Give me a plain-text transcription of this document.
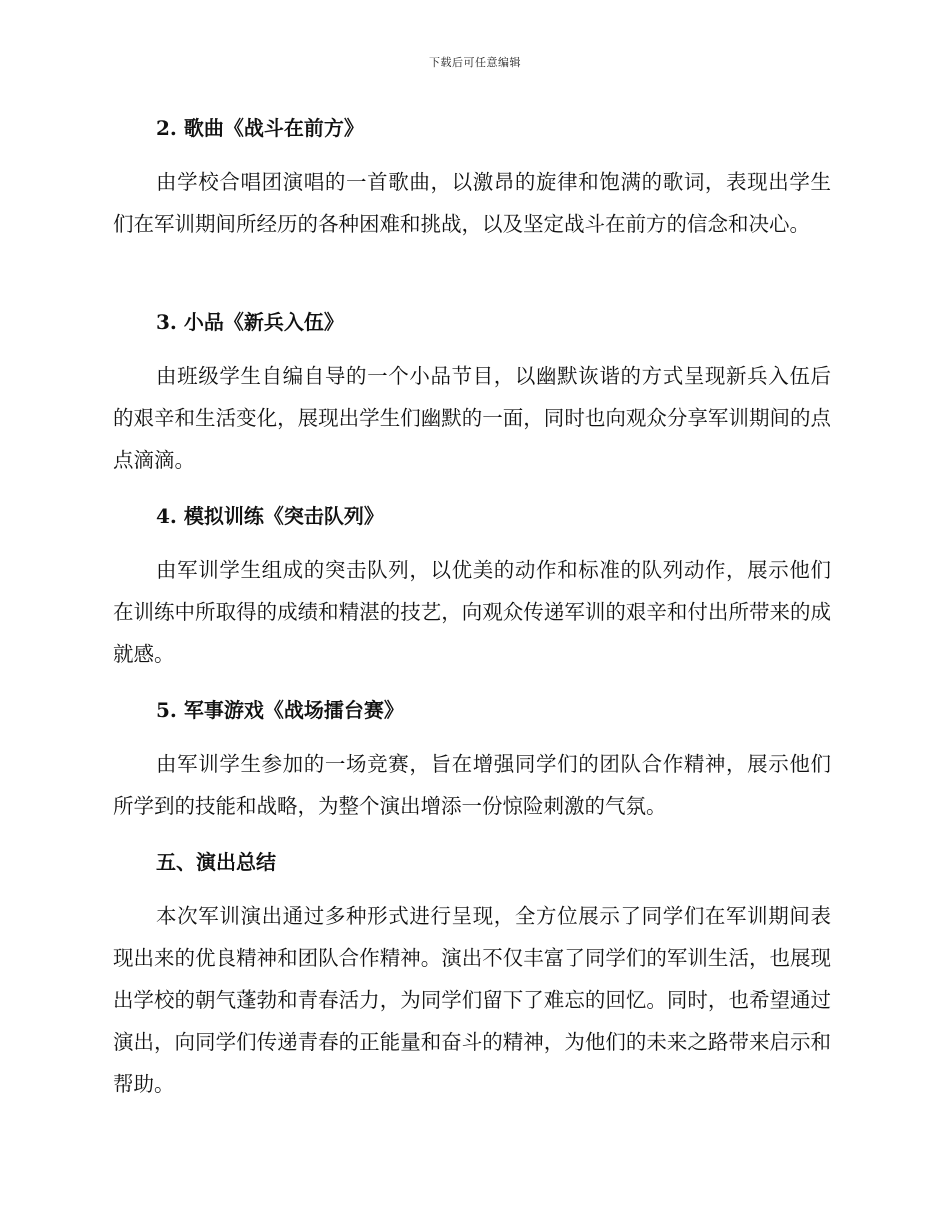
下载后可任意编辑
2. 歌曲《战斗在前方》
由学校合唱团演唱的一首歌曲，以激昂的旋律和饱满的歌词，表现出学生们在军训期间所经历的各种困难和挑战，以及坚定战斗在前方的信念和决心。
3. 小品《新兵入伍》
由班级学生自编自导的一个小品节目，以幽默诙谐的方式呈现新兵入伍后的艰辛和生活变化，展现出学生们幽默的一面，同时也向观众分享军训期间的点点滴滴。
4. 模拟训练《突击队列》
由军训学生组成的突击队列，以优美的动作和标准的队列动作，展示他们在训练中所取得的成绩和精湛的技艺，向观众传递军训的艰辛和付出所带来的成就感。
5. 军事游戏《战场擂台赛》
由军训学生参加的一场竞赛，旨在增强同学们的团队合作精神，展示他们所学到的技能和战略，为整个演出增添一份惊险刺激的气氛。
五、演出总结
本次军训演出通过多种形式进行呈现，全方位展示了同学们在军训期间表现出来的优良精神和团队合作精神。演出不仅丰富了同学们的军训生活，也展现出学校的朝气蓬勃和青春活力，为同学们留下了难忘的回忆。同时，也希望通过演出，向同学们传递青春的正能量和奋斗的精神，为他们的未来之路带来启示和帮助。
